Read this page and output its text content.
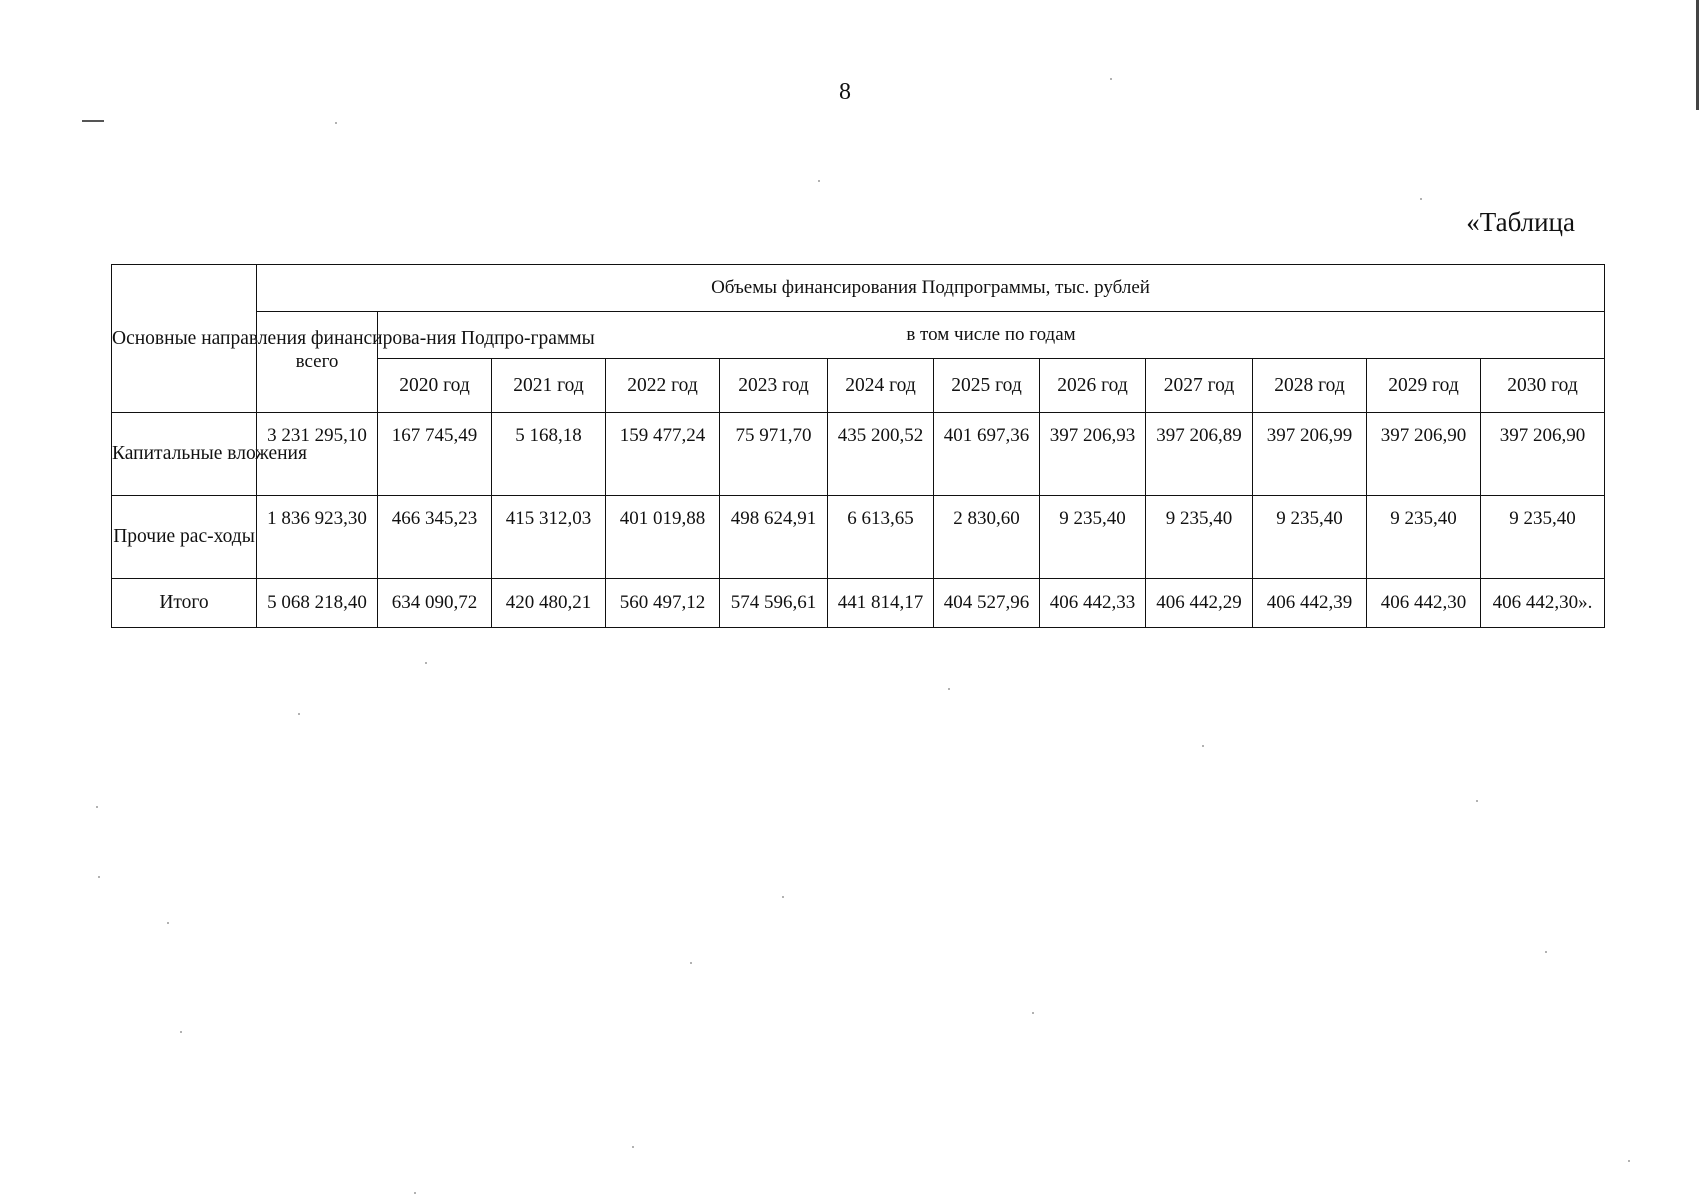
8
«Таблица
Основные направления финансирова-ния Подпро-граммы	Объемы финансирования Подпрограммы, тыс. рублей											
	всего	в том числе по годам										
		2020 год	2021 год	2022 год	2023 год	2024 год	2025 год	2026 год	2027 год	2028 год	2029 год	2030 год
Капитальные вложения	3 231 295,10	167 745,49	5 168,18	159 477,24	75 971,70	435 200,52	401 697,36	397 206,93	397 206,89	397 206,99	397 206,90	397 206,90
Прочие рас-ходы	1 836 923,30	466 345,23	415 312,03	401 019,88	498 624,91	6 613,65	2 830,60	9 235,40	9 235,40	9 235,40	9 235,40	9 235,40
Итого	5 068 218,40	634 090,72	420 480,21	560 497,12	574 596,61	441 814,17	404 527,96	406 442,33	406 442,29	406 442,39	406 442,30	406 442,30».
